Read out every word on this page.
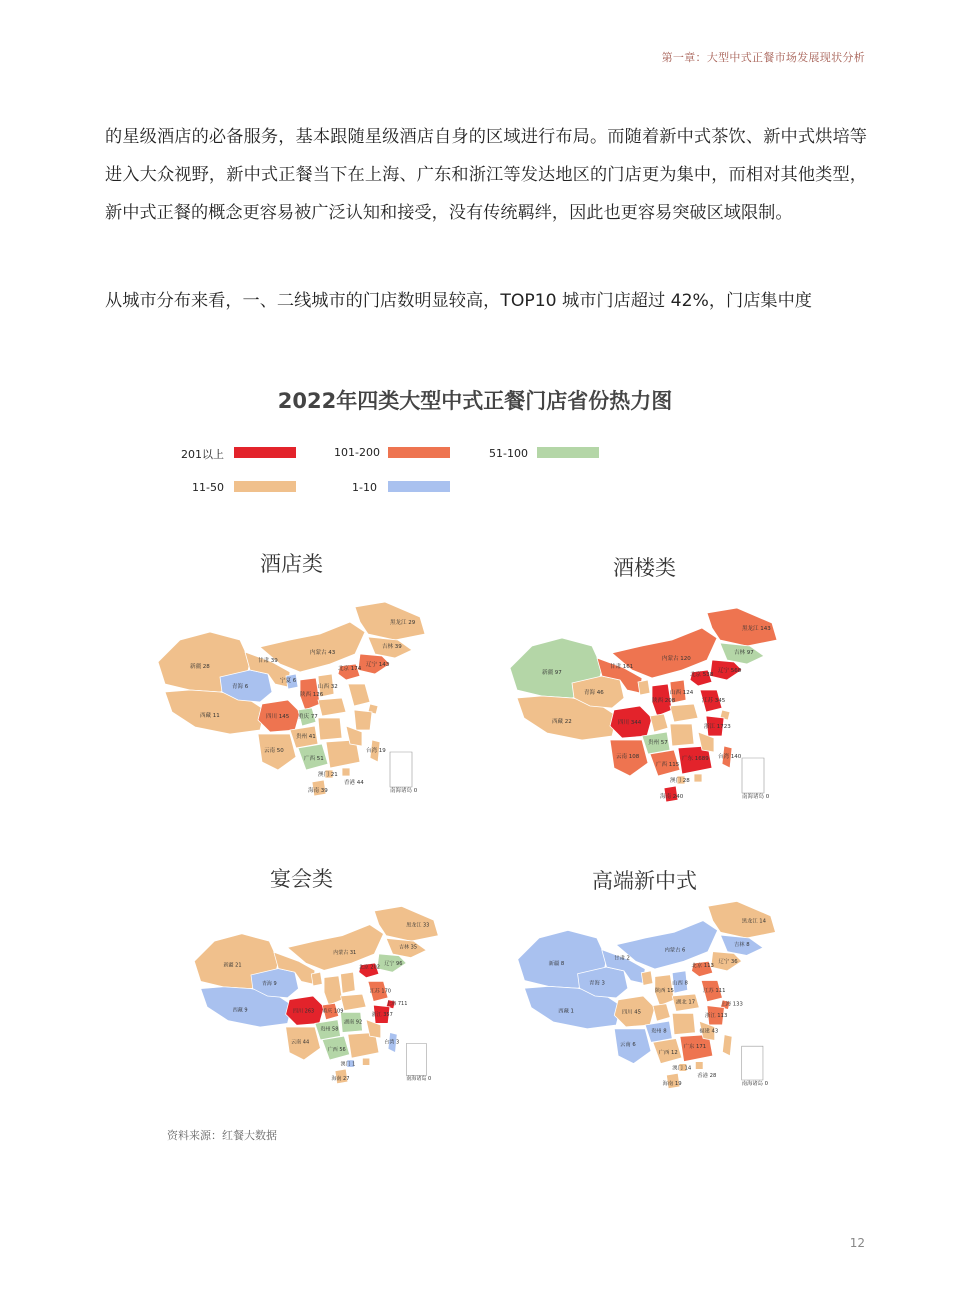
第一章：大型中式正餐市场发展现状分析
的星级酒店的必备服务，基本跟随星级酒店自身的区域进行布局。而随着新中式茶饮、新中式烘培等进入大众视野，新中式正餐当下在上海、广东和浙江等发达地区的门店更为集中，而相对其他类型，新中式正餐的概念更容易被广泛认知和接受，没有传统羁绊，因此也更容易突破区域限制。
从城市分布来看，一、二线城市的门店数明显较高，TOP10 城市门店超过 42%，门店集中度
2022年四类大型中式正餐门店省份热力图
201以上	101-200	51-100
11-50	1-10
酒店类	酒楼类
宴会类	高端新中式
新疆 28
西藏 11
青海 6
甘肃 39
内蒙古 43
黑龙江 29
吉林 39
辽宁 143
北京 174
宁夏 6
山西 32
陕西 126
四川 145 重庆 77
贵州 41
云南 50
广西 51
澳门 21
海南 39
香港 44
台湾 19
南海诸岛 0
新疆 97
西藏 22
青海 46
甘肃 161
内蒙古 120
黑龙江 143
吉林 97
辽宁 568
北京 538
山西 124
陕西 208
四川 344
贵州 57
云南 108
广西 115
江苏 345
浙江 1723
广东 1689 台湾 140
澳门 28
海南 240	南海诸岛 0
新疆 21
西藏 9
青海 9
内蒙古 31
黑龙江 33
吉林 35
辽宁 96
北京 202
四川 263 重庆 109
江苏 170
浙江 357
上海 711
湖南 92
贵州 58
云南 44
广西 56
台湾 3
海南 27
澳门 1
南海诸岛 0
新疆 8
西藏 1
青海 3
甘肃 2
内蒙古 6
黑龙江 14
吉林 8
辽宁 36
北京 113
山西 8
陕西 15
四川 45
湖北 17
江苏 111
上海 133
浙江 113
贵州 8
云南 6
广西 12
广东 171
福建 43
香港 28
澳门 14
海南 19	南海诸岛 0
资料来源：红餐大数据
12
